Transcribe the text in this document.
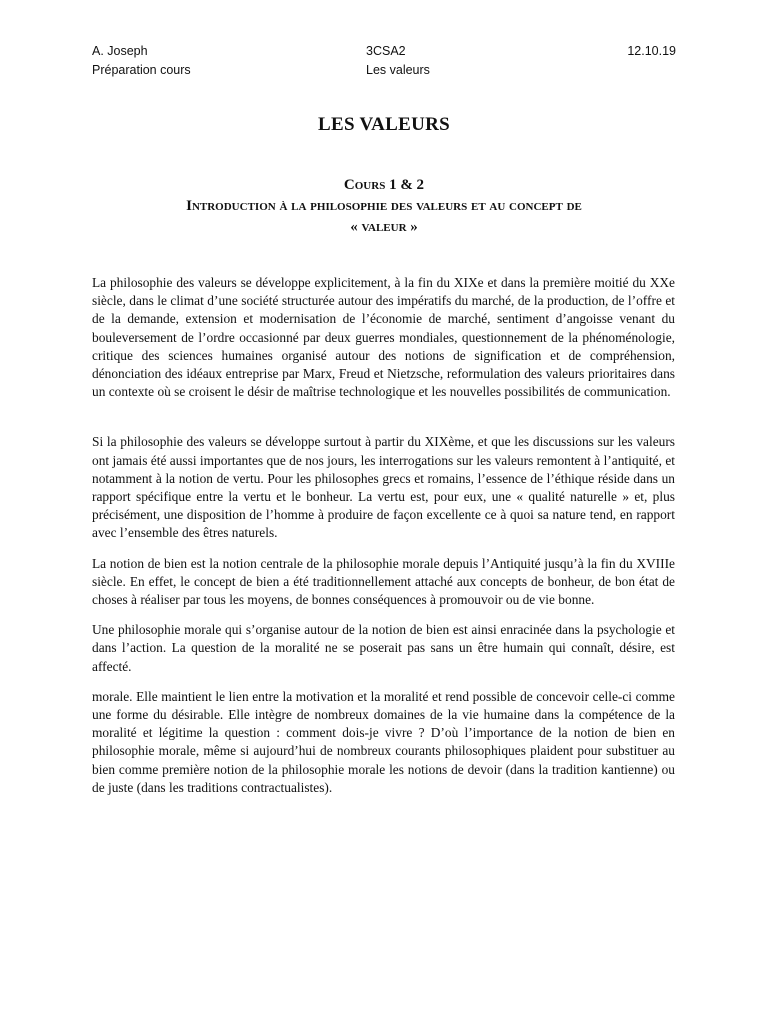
A. Joseph	3CSA2	12.10.19
Préparation cours	Les valeurs
LES VALEURS
Cours 1 & 2
Introduction à la philosophie des valeurs et au concept de
« valeur »

La philosophie des valeurs se développe explicitement, à la fin du XIXe et dans la première moitié du XXe siècle, dans le climat d’une société structurée autour des impératifs du marché, de la production, de l’offre et de la demande, extension et modernisation de l’économie de marché, sentiment d’angoisse venant du bouleversement de l’ordre occasionné par deux guerres mondiales, questionnement de la phénoménologie, critique des sciences humaines organisé autour des notions de signification et de compréhension, dénonciation des idéaux entreprise par Marx, Freud et Nietzsche, reformulation des valeurs prioritaires dans un contexte où se croisent le désir de maîtrise technologique et les nouvelles possibilités de communication.

Si la philosophie des valeurs se développe surtout à partir du XIXème, et que les discussions sur les valeurs ont jamais été aussi importantes que de nos jours, les interrogations sur les valeurs remontent à l’antiquité, et notamment à la notion de vertu. Pour les philosophes grecs et romains, l’essence de l’éthique réside dans un rapport spécifique entre la vertu et le bonheur. La vertu est, pour eux, une « qualité naturelle » et, plus précisément, une disposition de l’homme à produire de façon excellente ce à quoi sa nature tend, en rapport avec l’ensemble des êtres naturels.

La notion de bien est la notion centrale de la philosophie morale depuis l’Antiquité jusqu’à la fin du XVIIIe siècle. En effet, le concept de bien a été traditionnellement attaché aux concepts de bonheur, de bon état de choses à réaliser par tous les moyens, de bonnes conséquences à promouvoir ou de vie bonne.

Une philosophie morale qui s’organise autour de la notion de bien est ainsi enracinée dans la psychologie et dans l’action. La question de la moralité ne se poserait pas sans un être humain qui connaît, désire, est affecté.

morale. Elle maintient le lien entre la motivation et la moralité et rend possible de concevoir celle-ci comme une forme du désirable. Elle intègre de nombreux domaines de la vie humaine dans la compétence de la moralité et légitime la question : comment dois-je vivre ? D’où l’importance de la notion de bien en philosophie morale, même si aujourd’hui de nombreux courants philosophiques plaident pour substituer au bien comme première notion de la philosophie morale les notions de devoir (dans la tradition kantienne) ou de juste (dans les traditions contractualistes).
